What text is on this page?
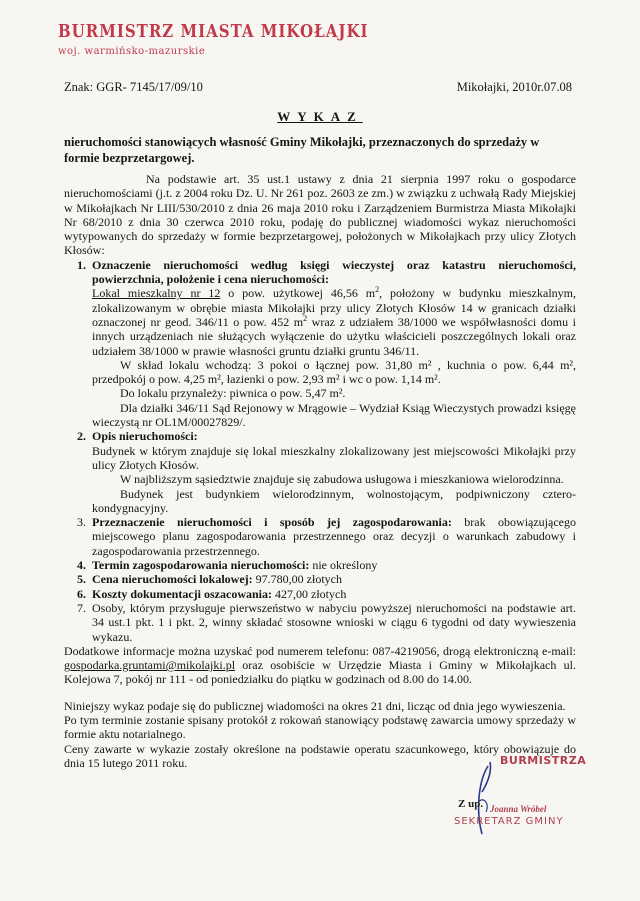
BURMISTRZ MIASTA MIKOŁAJKI
woj. warmińsko-mazurskie
Znak: GGR- 7145/17/09/10	Mikołajki, 2010r.07.08
WYKAZ
nieruchomości stanowiących własność Gminy Mikołajki, przeznaczonych do sprzedaży w formie bezprzetargowej.

Na podstawie art. 35 ust.1 ustawy z dnia 21 sierpnia 1997 roku o gospodarce nieruchomościami (j.t. z 2004 roku Dz. U. Nr 261 poz. 2603 ze zm.) w związku z uchwałą Rady Miejskiej w Mikołajkach Nr LIII/530/2010 z dnia 26 maja 2010 roku i Zarządzeniem Burmistrza Miasta Mikołajki Nr 68/2010 z dnia 30 czerwca 2010 roku, podaję do publicznej wiadomości wykaz nieruchomości wytypowanych do sprzedaży w formie bezprzetargowej, położonych w Mikołajkach przy ulicy Złotych Kłosów:

1. Oznaczenie nieruchomości według księgi wieczystej oraz katastru nieruchomości, powierzchnia, położenie i cena nieruchomości:

Lokal mieszkalny nr 12 o pow. użytkowej 46,56 $m^2$, położony w budynku mieszkalnym, zlokalizowanym w obrębie miasta Mikołajki przy ulicy Złotych Kłosów 14 w granicach działki oznaczonej nr geod. 346/11 o pow. 452 $m^2$ wraz z udziałem 38/1000 we współwłasności domu i innych urządzeniach nie służących wyłączenie do użytku właścicieli poszczególnych lokali oraz udziałem 38/1000 w prawie własności gruntu działki gruntu 346/11.

W skład lokalu wchodzą: 3 pokoi o łącznej pow. 31,80 m² , kuchnia o pow. 6,44 m², przedpokój o pow. 4,25 m², łazienki o pow. 2,93 m² i wc o pow. 1,14 m².

Do lokalu przynależy: piwnica o pow. 5,47 m².

Dla działki 346/11 Sąd Rejonowy w Mrągowie – Wydział Ksiąg Wieczystych prowadzi księgę wieczystą nr OL1M/00027829/.

2. Opis nieruchomości:

Budynek w którym znajduje się lokal mieszkalny zlokalizowany jest miejscowości Mikołajki przy ulicy Złotych Kłosów.

W najbliższym sąsiedztwie znajduje się zabudowa usługowa i mieszkaniowa wielorodzinna.

Budynek jest budynkiem wielorodzinnym, wolnostojącym, podpiwniczony cztero-kondygnacyjny.

3. Przeznaczenie nieruchomości i sposób jej zagospodarowania: brak obowiązującego miejscowego planu zagospodarowania przestrzennego oraz decyzji o warunkach zabudowy i zagospodarowania przestrzennego.
4. Termin zagospodarowania nieruchomości: nie określony
5. Cena nieruchomości lokalowej: 97.780,00 złotych
6. Koszty dokumentacji oszacowania: 427,00 złotych
7. Osoby, którym przysługuje pierwszeństwo w nabyciu powyższej nieruchomości na podstawie art. 34 ust.1 pkt. 1 i pkt. 2, winny składać stosowne wnioski w ciągu 6 tygodni od daty wywieszenia wykazu.

Dodatkowe informacje można uzyskać pod numerem telefonu: 087-4219056, drogą elektroniczną e-mail: gospodarka.gruntami@mikolajki.pl oraz osobiście w Urzędzie Miasta i Gminy w Mikołajkach ul. Kolejowa 7, pokój nr 111 - od poniedziałku do piątku w godzinach od 8.00 do 14.00.

Niniejszy wykaz podaje się do publicznej wiadomości na okres 21 dni, licząc od dnia jego wywieszenia.

Po tym terminie zostanie spisany protokół z rokowań stanowiący podstawę zawarcia umowy sprzedaży w formie aktu notarialnego.

Ceny zawarte w wykazie zostały określone na podstawie operatu szacunkowego, który obowiązuje do dnia 15 lutego 2011 roku.	BURMISTRZA
Z up. Joanna Wróbel
SEKRETARZ GMINY
